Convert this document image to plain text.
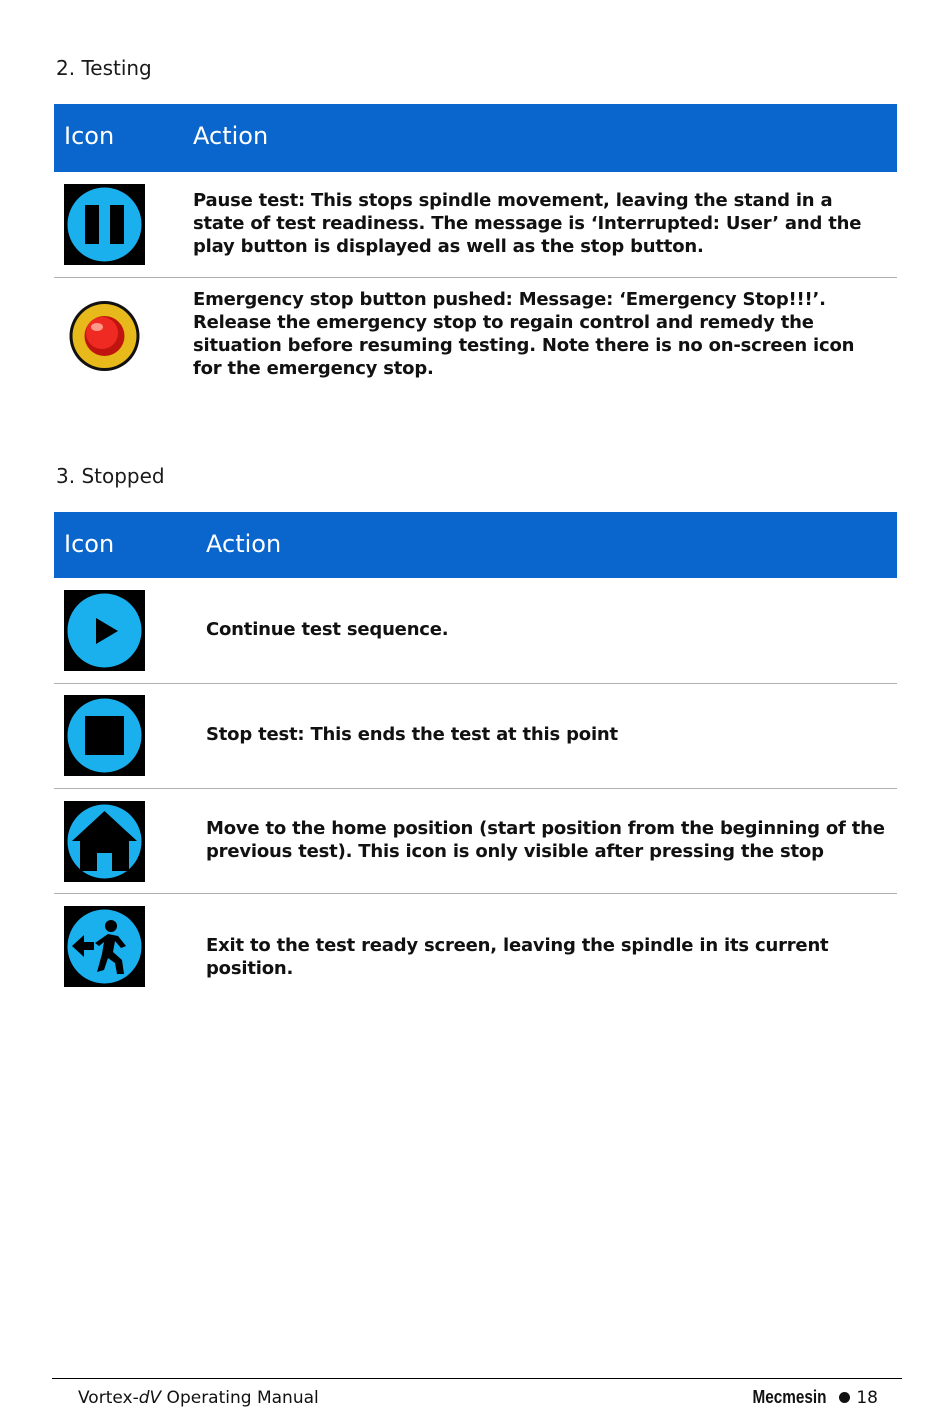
2. Testing
Icon	Action
Pause test: This stops spindle movement, leaving the stand in a state of test readiness. The message is ‘Interrupted: User’ and the play button is displayed as well as the stop button.
Emergency stop button pushed: Message: ‘Emergency Stop!!!’. Release the emergency stop to regain control and remedy the situation before resuming testing. Note there is no on-screen icon for the emergency stop.
3. Stopped
Icon	Action
Continue test sequence.
Stop test: This ends the test at this point
Move to the home position (start position from the beginning of the previous test). This icon is only visible after pressing the stop
Exit to the test ready screen, leaving the spindle in its current position.
Vortex-dV Operating Manual	Mecmesin 18
